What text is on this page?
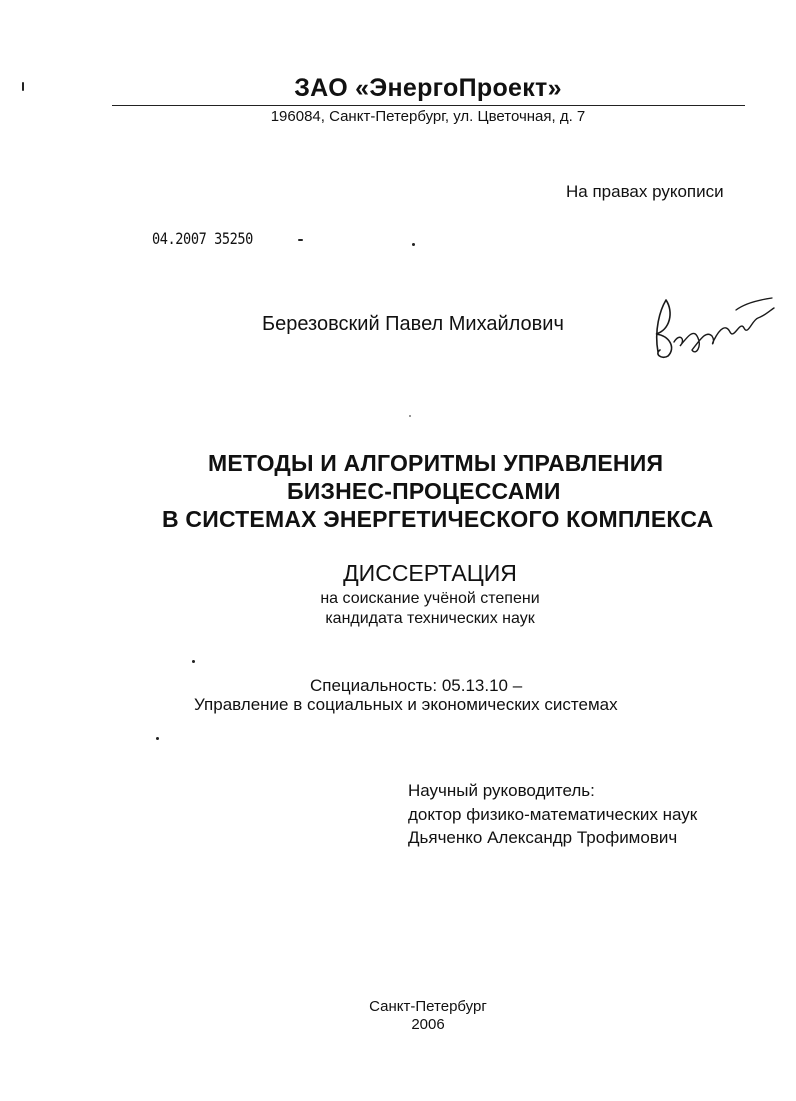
ЗАО «ЭнергоПроект»
196084, Санкт-Петербург, ул. Цветочная, д. 7
На правах рукописи
04.2007 35250
Березовский Павел Михайлович
МЕТОДЫ И АЛГОРИТМЫ УПРАВЛЕНИЯ
БИЗНЕС-ПРОЦЕССАМИ
В СИСТЕМАХ ЭНЕРГЕТИЧЕСКОГО КОМПЛЕКСА
ДИССЕРТАЦИЯ
на соискание учёной степени
кандидата технических наук
Специальность: 05.13.10 –
Управление в социальных и экономических системах
Научный руководитель:
доктор физико-математических наук
Дьяченко Александр Трофимович
Санкт-Петербург
2006
